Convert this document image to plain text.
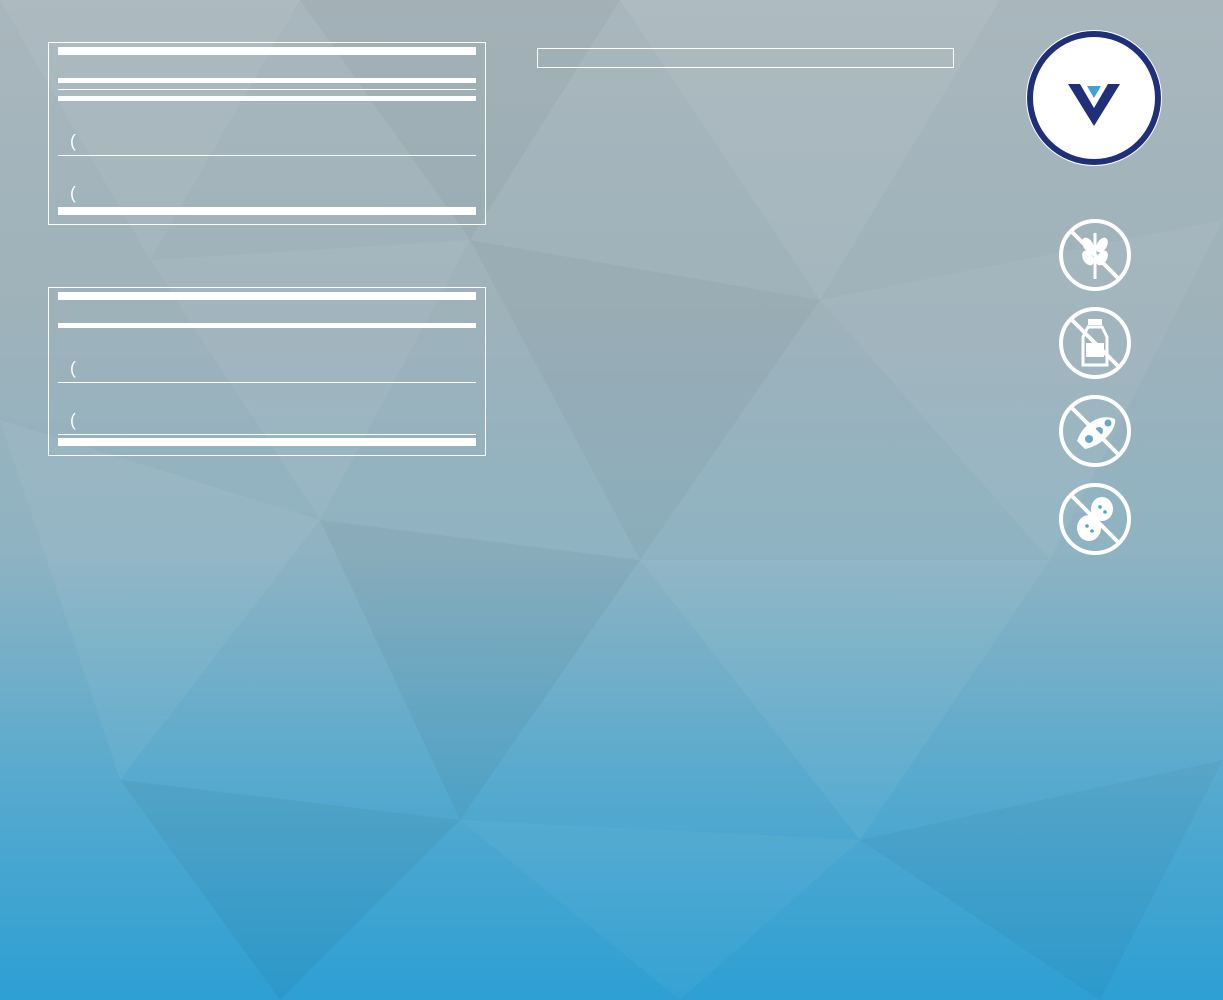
(

(

(

(
